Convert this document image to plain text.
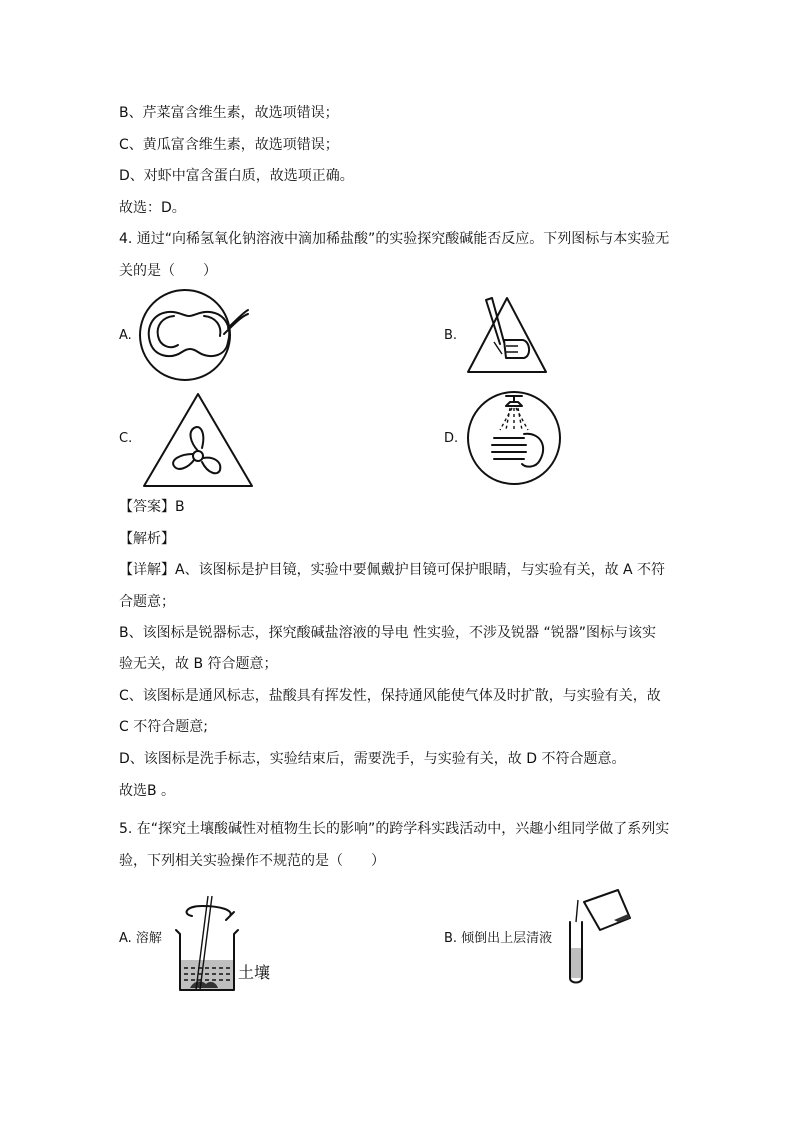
B、芹菜富含维生素，故选项错误；
C、黄瓜富含维生素，故选项错误；
D、对虾中富含蛋白质，故选项正确。
故选：D。
4. 通过“向稀氢氧化钠溶液中滴加稀盐酸”的实验探究酸碱能否反应。下列图标与本实验无
关的是（　　）
A.	B.
C.	D.
【答案】B
【解析】
【详解】A、该图标是护目镜，实验中要佩戴护目镜可保护眼睛，与实验有关，故 A 不符
合题意；
B、该图标是锐器标志，探究酸碱盐溶液的导电 性实验，不涉及锐器 “锐器”图标与该实
验无关，故 B 符合题意；
C、该图标是通风标志，盐酸具有挥发性，保持通风能使气体及时扩散，与实验有关，故
C 不符合题意;
D、该图标是洗手标志，实验结束后，需要洗手，与实验有关，故 D 不符合题意。
故选B 。
5. 在“探究土壤酸碱性对植物生长的影响”的跨学科实践活动中，兴趣小组同学做了系列实
验，下列相关实验操作不规范的是（　　）
A. 溶解	B. 倾倒出上层清液
土壤
